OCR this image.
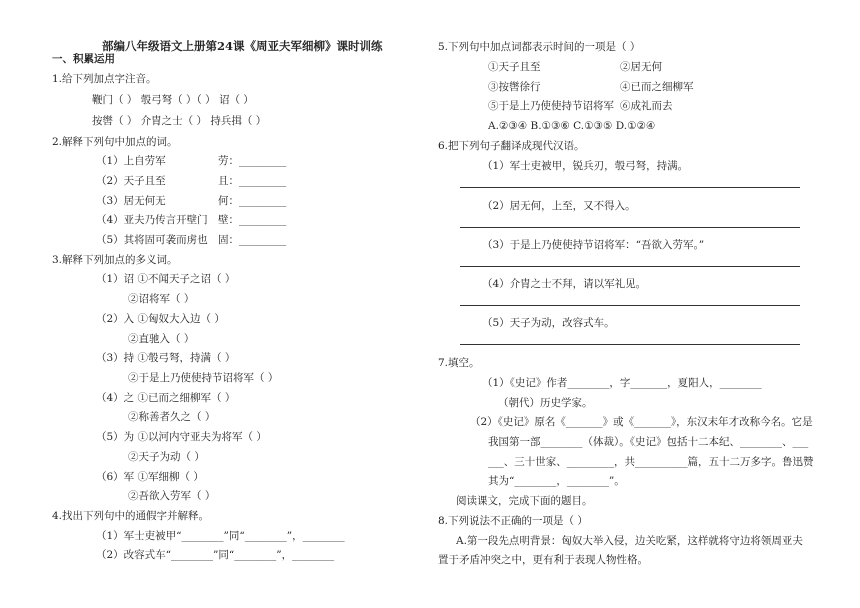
部编八年级语文上册第24课《周亚夫军细柳》课时训练
一、积累运用
1.给下列加点字注音。
鞭门（ ） 彀弓弩（ ）（ ） 诏（ ）
按辔（ ） 介胄之士（ ） 持兵揖（ ）
2.解释下列句中加点的词。
（1）上自劳军	劳：_________
（2）天子且至	且：_________
（3）居无何无	何：_________
（4）亚夫乃传言开壁门 壁：_________
（5）其将固可袭而虏也 固：_________
3.解释下列加点的多义词。
（1）诏 ①不闻天子之诏（ ）
②诏将军（ ）
（2）入 ①匈奴大入边（ ）
②直驰入（ ）
（3）持 ①彀弓弩，持满（ ）
②于是上乃使使持节诏将军（ ）
（4）之 ①已而之细柳军（ ）
②称善者久之（ ）
（5）为 ①以河内守亚夫为将军（ ）
②天子为动（ ）
（6）军 ①军细柳（ ）
②吾欲入劳军（ ）
4.找出下列句中的通假字并解释。
（1）军士吏被甲“________”同“________”，________
（2）改容式车“________”同“________”，________
5.下列句中加点词都表示时间的一项是（ ）
①天子且至	②居无何
③按辔徐行	④已而之细柳军
⑤于是上乃使使持节诏将军 ⑥成礼而去
A.②③④ B.①③⑥ C.①③⑤ D.①②④
6.把下列句子翻译成现代汉语。
（1）军士吏被甲，锐兵刃，彀弓弩，持满。
（2）居无何，上至，又不得入。
（3）于是上乃使使持节诏将军：“吾欲入劳军。”
（4）介胄之士不拜，请以军礼见。
（5）天子为动，改容式车。
7.填空。
（1）《史记》作者________，字_______，夏阳人，________
（朝代）历史学家。
（2）《史记》原名《_______》或《_______》，东汉末年才改称今名。它是
我国第一部________（体裁）。《史记》包括十二本纪、________、___
___、三十世家、_________，共__________篇，五十二万多字。鲁迅赞
其为“________，________”。
阅读课文，完成下面的题目。
8.下列说法不正确的一项是（ ）
A.第一段先点明背景：匈奴大举入侵，边关吃紧，这样就将守边将领周亚夫
置于矛盾冲突之中，更有利于表现人物性格。
